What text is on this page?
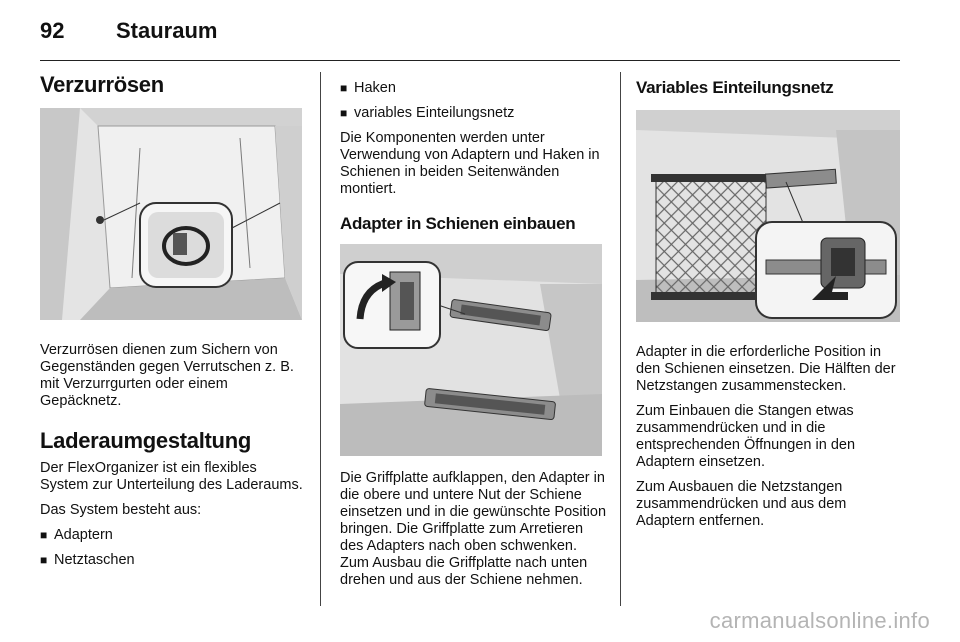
92 Stauraum
Verzurrösen

Verzurrösen dienen zum Sichern von Gegenständen gegen Verrutschen z. B. mit Verzurrgurten oder einem Gepäcknetz.

Laderaumgestaltung

Der FlexOrganizer ist ein flexibles System zur Unterteilung des Laderaums.

Das System besteht aus:

■ Adaptern
■ Netztaschen
■ Haken
■ variables Einteilungsnetz

Die Komponenten werden unter Verwendung von Adaptern und Haken in Schienen in beiden Seitenwänden montiert.

Adapter in Schienen einbauen

Die Griffplatte aufklappen, den Adapter in die obere und untere Nut der Schiene einsetzen und in die gewünschte Position bringen. Die Griffplatte zum Arretieren des Adapters nach oben schwenken. Zum Ausbau die Griffplatte nach unten drehen und aus der Schiene nehmen.

Variables Einteilungsnetz

Adapter in die erforderliche Position in den Schienen einsetzen. Die Hälften der Netzstangen zusammenstecken.

Zum Einbauen die Stangen etwas zusammendrücken und in die entsprechenden Öffnungen in den Adaptern einsetzen.

Zum Ausbauen die Netzstangen zusammendrücken und aus dem Adaptern entfernen.

carmanualsonline.info
